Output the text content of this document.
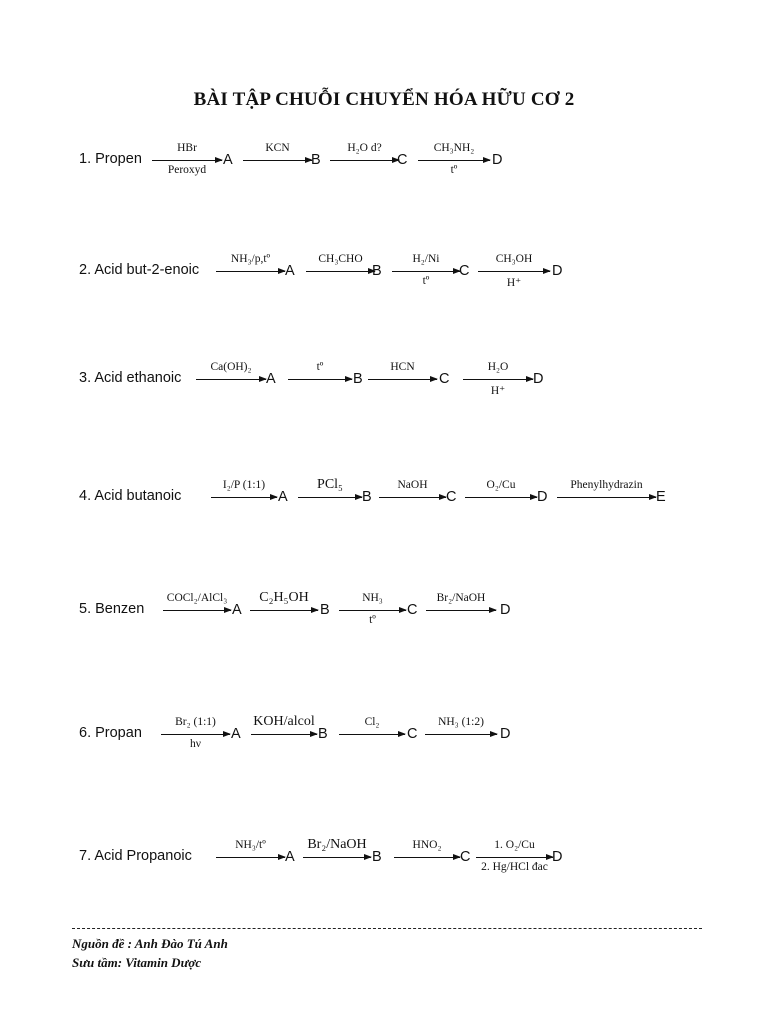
BÀI TẬP CHUỖI CHUYỂN HÓA HỮU CƠ 2
1. Propen
HBr
Peroxyd
KCN	H₂O d?	CH₃NH₂
tº
A	B	C	D
2. Acid but-2-enoic
NH₃/p,tº	CH₃CHO	H₂/Ni
tº
CH₃OH
H⁺
A	B	C	D
3. Acid ethanoic
Ca(OH)₂	tº	HCN	H₂O
H⁺
A	B	C	D
4. Acid butanoic
I₂/P (1:1)	PCl₅	NaOH	O₂/Cu	Phenylhydrazin
A	B	C	D	E
5. Benzen
COCl₂/AlCl₃ C₂H₅OH	NH₃
tº
Br₂/NaOH
A	B	C	D
6. Propan
Br₂ (1:1)
hν
KOH/alcol	Cl₂	NH₃ (1:2)
A	B	C	D
7. Acid Propanoic
NH₃/tº	Br₂/NaOH	HNO₂	1. O₂/Cu
2. Hg/HCl đac
A	B	C	D
Nguồn đề : Anh Đào Tú Anh
Sưu tầm: Vitamin Dược
